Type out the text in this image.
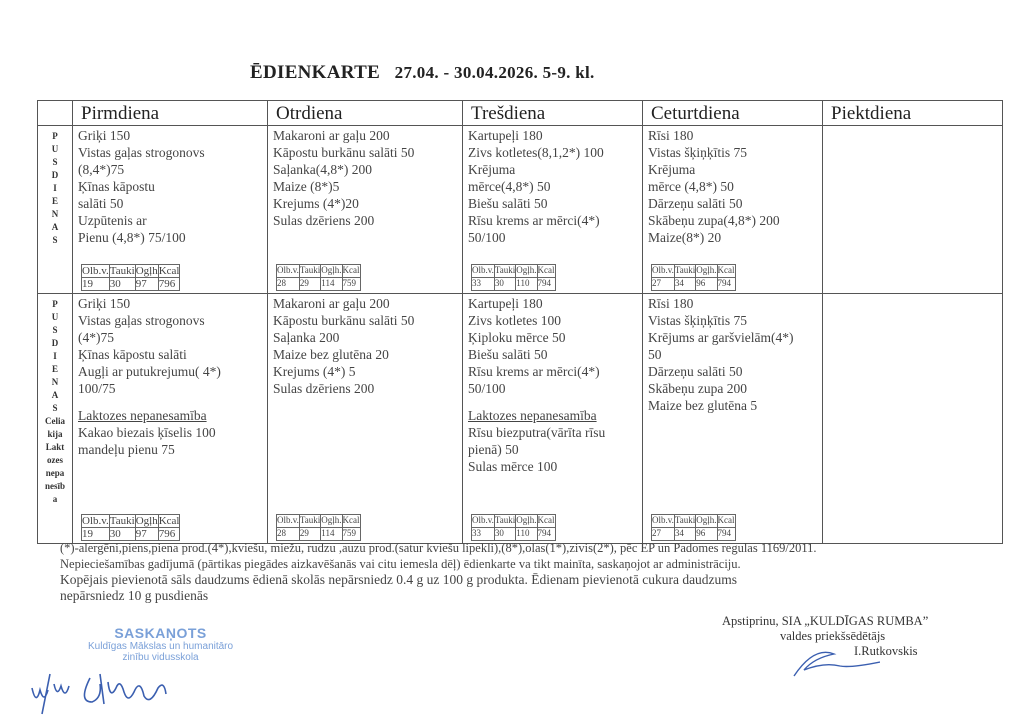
ĒDIENKARTE 27.04. - 30.04.2026. 5-9. kl.
	Pirmdiena	Otrdiena	Trešdiena	Ceturtdiena	Piektdiena

P
U
S
D
I
E
N
A
S

Griķi 150
Vistas gaļas strogonovs
(8,4*)75
Ķīnas kāpostu
salāti 50
Uzpūtenis ar
Pienu (4,8*) 75/100
Olb.v.	Tauki	Ogļh	Kcal
19	30	97	796

Makaroni ar gaļu 200
Kāpostu burkānu salāti 50
Saļanka(4,8*) 200
Maize (8*)5
Krejums (4*)20
Sulas dzēriens 200
Olb.v.	Tauki	Ogļh.	Kcal
28	29	114	759

Kartupeļi 180
Zivs kotletes(8,1,2*) 100
Krējuma
mērce(4,8*) 50
Biešu salāti 50
Rīsu krems ar mērci(4*)
50/100
Olb.v.	Tauki	Ogļh.	Kcal
33	30	110	794

Rīsi 180
Vistas šķiņķītis 75
Krējuma
mērce (4,8*) 50
Dārzeņu salāti 50
Skābeņu zupa(4,8*) 200
Maize(8*) 20
Olb.v.	Tauki	Ogļh.	Kcal
27	34	96	794

P
U
S
D
I
E
N
A
S
Celia
kija
Lakt
ozes
nepa
nesīb
a

Griķi 150
Vistas gaļas strogonovs
(4*)75
Ķīnas kāpostu salāti
Augļi ar putukrejumu( 4*)
100/75
Laktozes nepanesamība
Kakao biezais ķīselis 100
mandeļu pienu 75
Olb.v.	Tauki	Ogļh	Kcal
19	30	97	796

Makaroni ar gaļu 200
Kāpostu burkānu salāti 50
Saļanka 200
Maize bez glutēna 20
Krejums (4*) 5
Sulas dzēriens 200
Olb.v.	Tauki	Ogļh.	Kcal
28	29	114	759

Kartupeļi 180
Zivs kotletes 100
Ķiploku mērce 50
Biešu salāti 50
Rīsu krems ar mērci(4*)
50/100
Laktozes nepanesamība
Rīsu biezputra(vārīta rīsu
pienā) 50
Sulas mērce 100
Olb.v.	Tauki	Ogļh.	Kcal
33	30	110	794

Rīsi 180
Vistas šķiņķītis 75
Krējums ar garšvielām(4*)
50
Dārzeņu salāti 50
Skābeņu zupa 200
Maize bez glutēna 5
Olb.v.	Tauki	Ogļh.	Kcal
27	34	96	794

(*)-alergēni,piens,piena prod.(4*),kviešu, miežu, rudzu ,auzu prod.(satur kviešu lipekli),(8*),olas(1*),zivis(2*), pēc EP un Padomes regulas 1169/2011.
Nepieciešamības gadījumā (pārtikas piegādes aizkavēšanās vai citu iemesla dēļ) ēdienkarte va tikt mainīta, saskaņojot ar administrāciju.
Kopējais pievienotā sāls daudzums ēdienā skolās nepārsniedz 0.4 g uz 100 g produkta. Ēdienam pievienotā cukura daudzums
nepārsniedz 10 g pusdienās
SASKAŅOTS
Kuldīgas Mākslas un humanitāro
zinību vidusskola
Apstiprinu, SIA „KULDĪGAS RUMBA”
valdes priekšsēdētājs
I.Rutkovskis
